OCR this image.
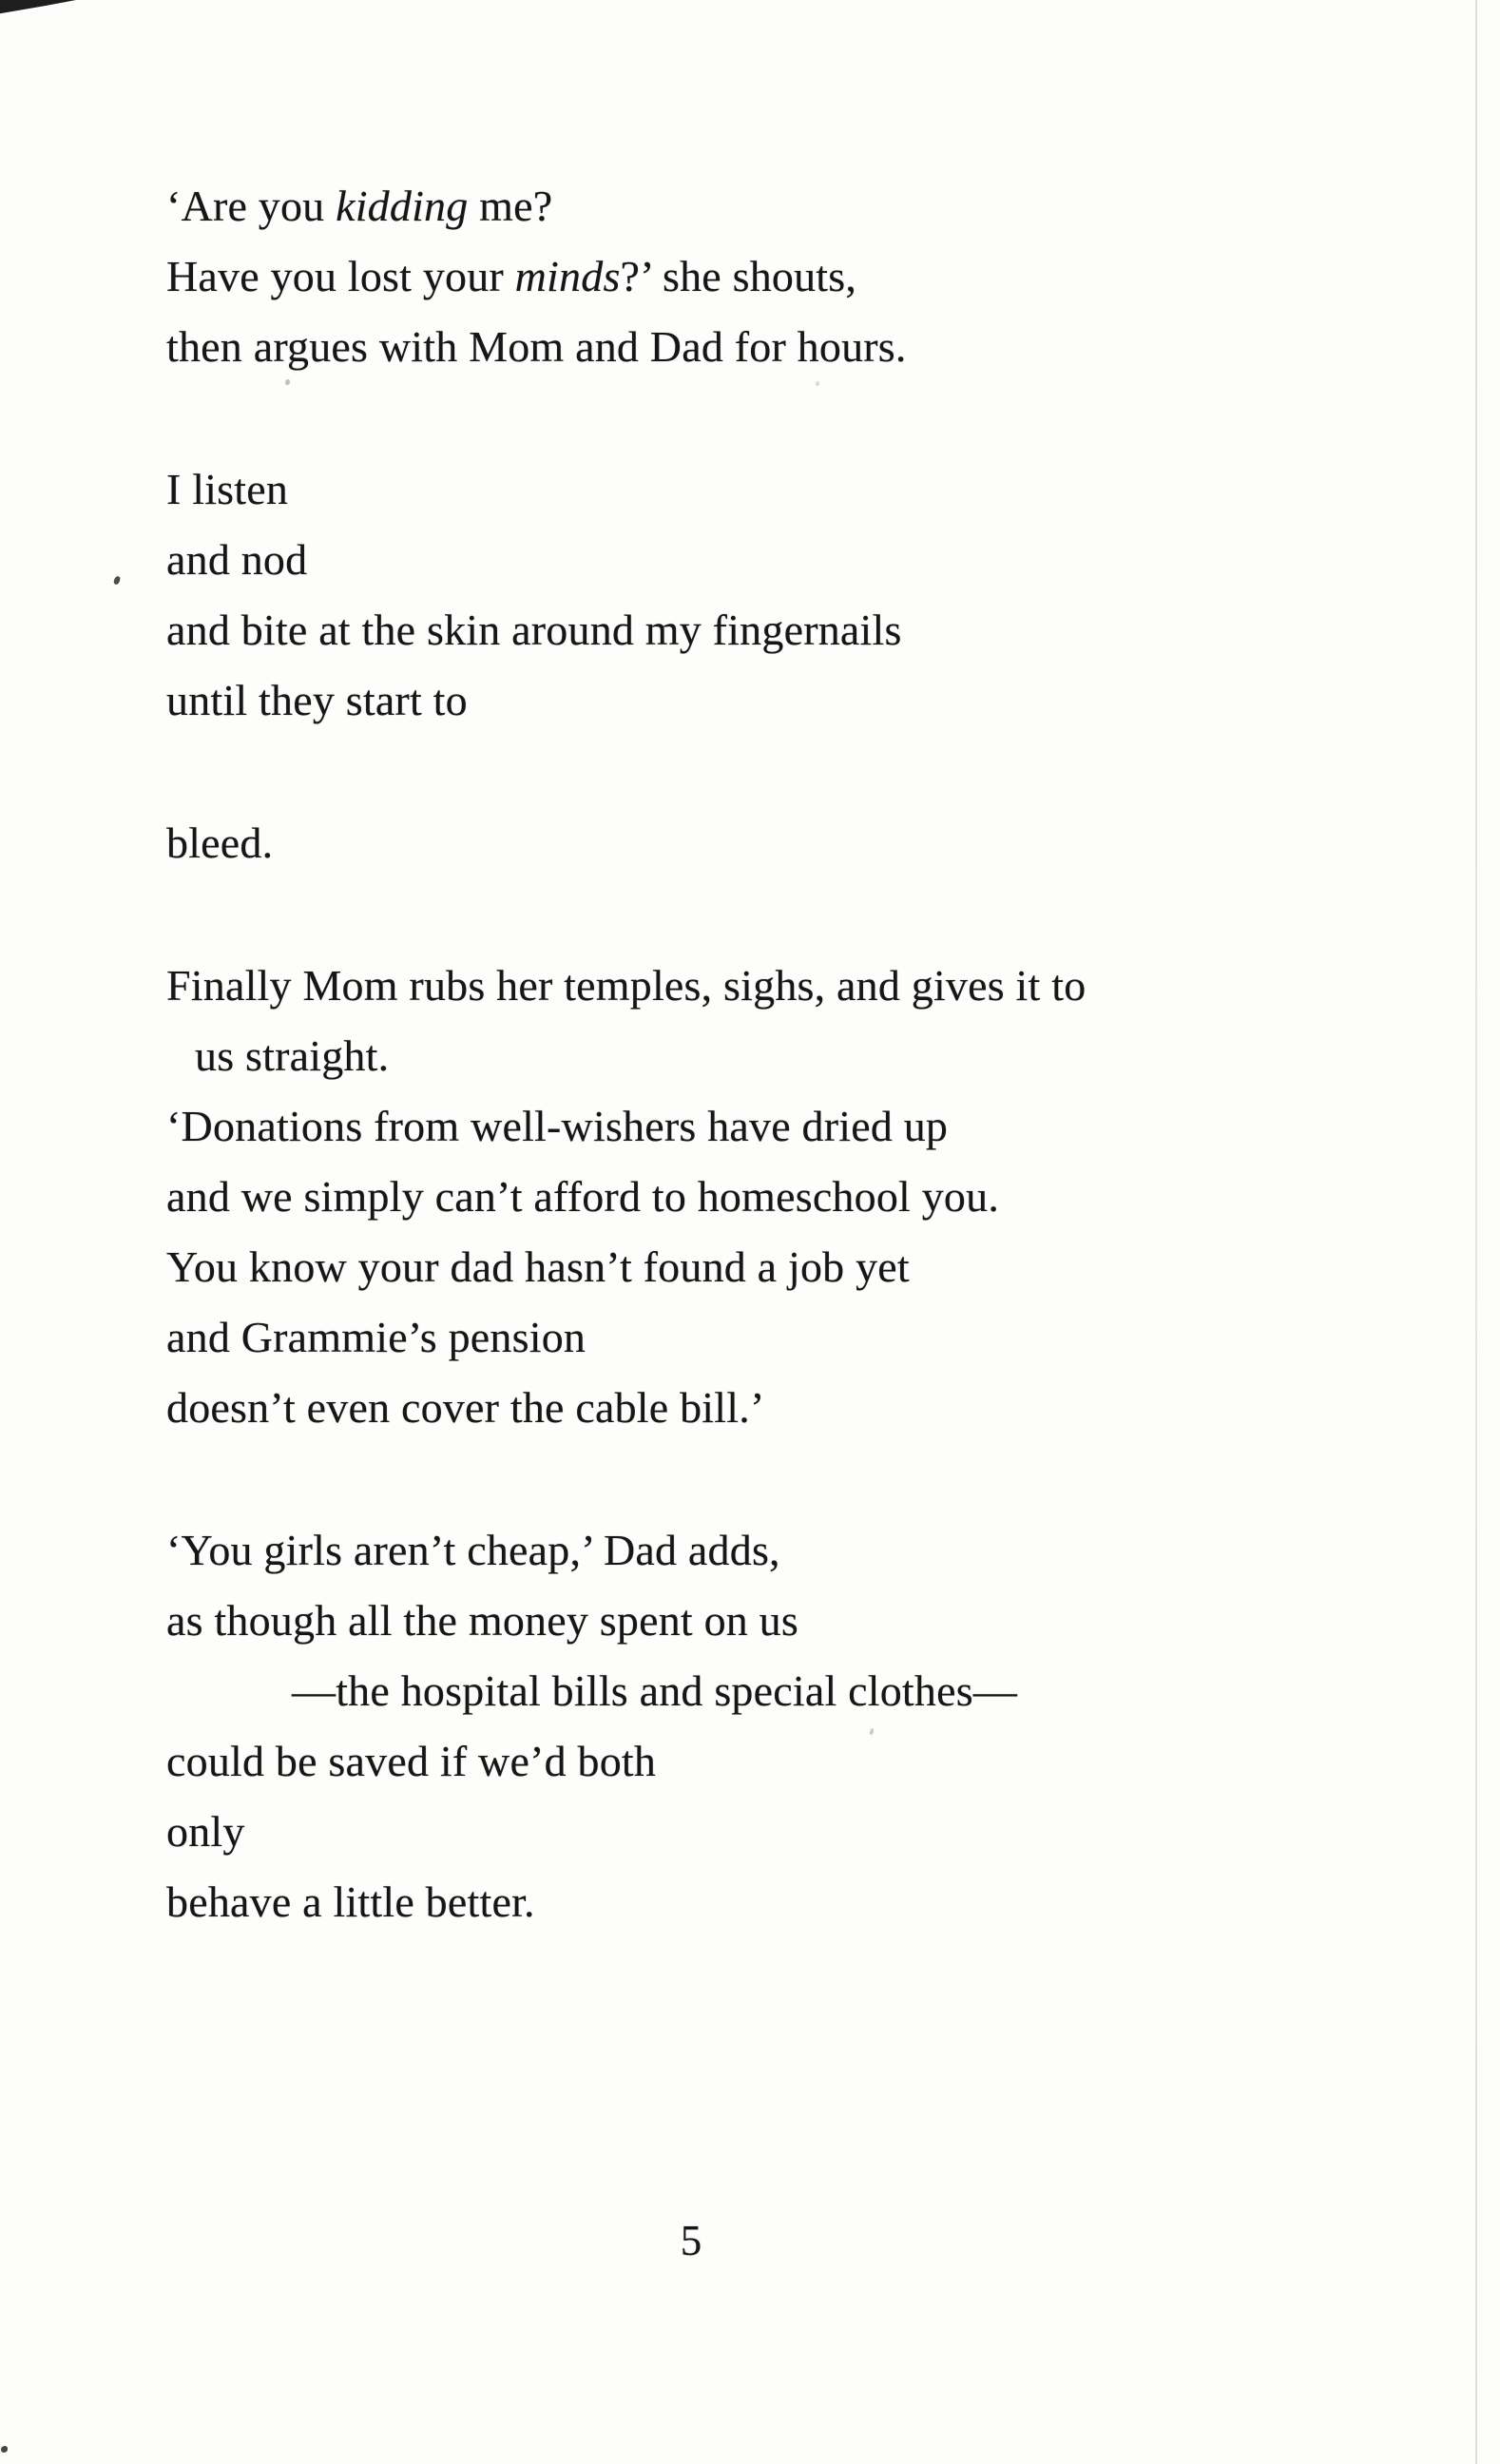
‘Are you kidding me?
Have you lost your minds?’ she shouts,
then argues with Mom and Dad for hours.
I listen
and nod
and bite at the skin around my fingernails
until they start to
bleed.
Finally Mom rubs her temples, sighs, and gives it to
us straight.
‘Donations from well-wishers have dried up
and we simply can’t afford to homeschool you.
You know your dad hasn’t found a job yet
and Grammie’s pension
doesn’t even cover the cable bill.’
‘You girls aren’t cheap,’ Dad adds,
as though all the money spent on us
—the hospital bills and special clothes—
could be saved if we’d both
only
behave a little better.
5
